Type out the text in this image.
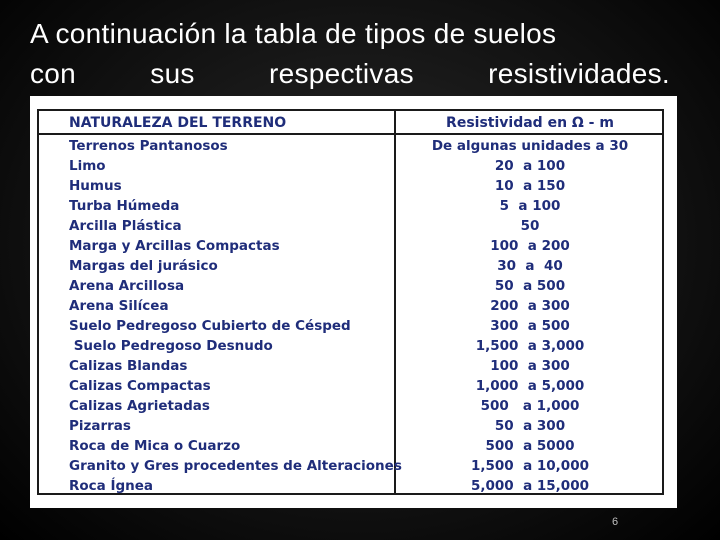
A continuación la tabla de tipos de suelos
con sus respectivas resistividades.
NATURALEZA DEL TERRENO	Resistividad en Ω - m
Terrenos Pantanosos	De algunas unidades a 30
Limo	20  a 100
Humus	10  a 150
Turba Húmeda	5  a 100
Arcilla Plástica	50
Marga y Arcillas Compactas	100  a 200
Margas del jurásico	30  a  40
Arena Arcillosa	50  a 500
Arena Silícea	200  a 300
Suelo Pedregoso Cubierto de Césped	300  a 500
Suelo Pedregoso Desnudo	1,500  a 3,000
Calizas Blandas	100  a 300
Calizas Compactas	1,000  a 5,000
Calizas Agrietadas	500   a 1,000
Pizarras	50  a 300
Roca de Mica o Cuarzo	500  a 5000
Granito y Gres procedentes de Alteraciones	1,500  a 10,000
Roca Ígnea	5,000  a 15,000
6
